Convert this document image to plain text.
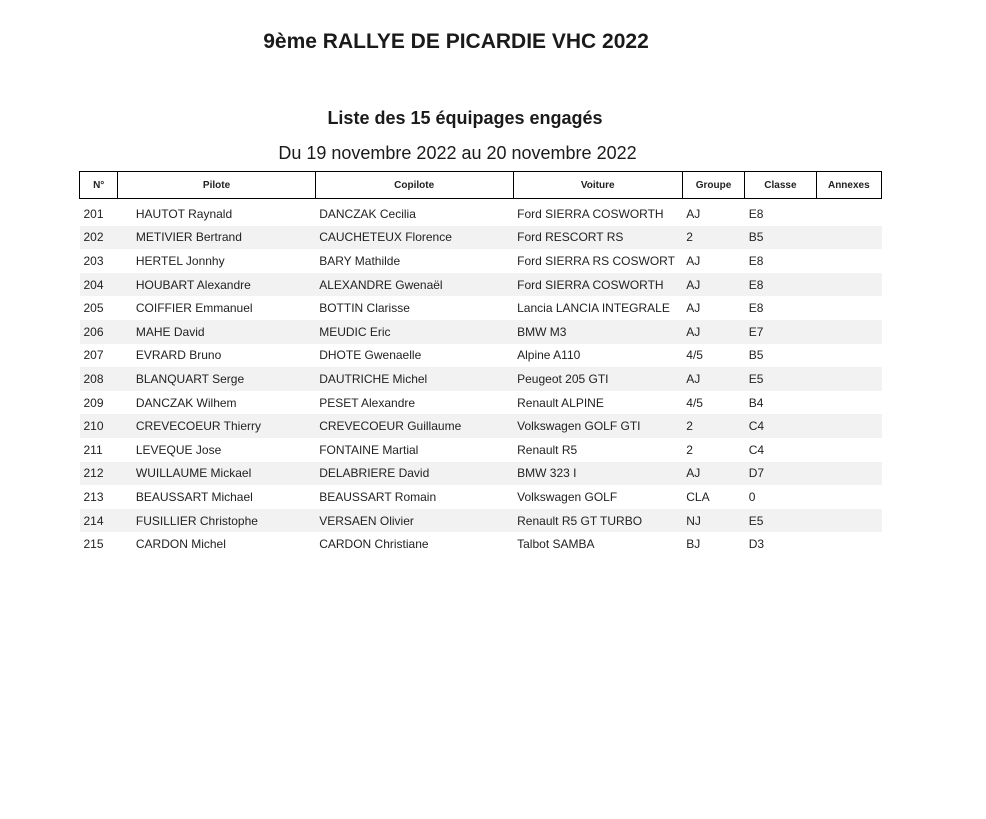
9ème RALLYE DE PICARDIE VHC 2022
Liste des 15 équipages engagés
Du 19 novembre 2022 au 20 novembre 2022
N°	Pilote	Copilote	Voiture	Groupe	Classe	Annexes
201	HAUTOT Raynald	DANCZAK Cecilia	Ford SIERRA COSWORTH	AJ	E8	
202	METIVIER Bertrand	CAUCHETEUX Florence	Ford RESCORT RS	2	B5	
203	HERTEL Jonnhy	BARY Mathilde	Ford SIERRA RS COSWORT	AJ	E8	
204	HOUBART Alexandre	ALEXANDRE Gwenaël	Ford SIERRA COSWORTH	AJ	E8	
205	COIFFIER Emmanuel	BOTTIN Clarisse	Lancia LANCIA INTEGRALE	AJ	E8	
206	MAHE David	MEUDIC Eric	BMW M3	AJ	E7	
207	EVRARD Bruno	DHOTE Gwenaelle	Alpine A110	4/5	B5	
208	BLANQUART Serge	DAUTRICHE Michel	Peugeot 205 GTI	AJ	E5	
209	DANCZAK Wilhem	PESET Alexandre	Renault ALPINE	4/5	B4	
210	CREVECOEUR Thierry	CREVECOEUR Guillaume	Volkswagen GOLF GTI	2	C4	
211	LEVEQUE Jose	FONTAINE Martial	Renault R5	2	C4	
212	WUILLAUME Mickael	DELABRIERE David	BMW 323 I	AJ	D7	
213	BEAUSSART Michael	BEAUSSART Romain	Volkswagen GOLF	CLA	0	
214	FUSILLIER Christophe	VERSAEN Olivier	Renault R5 GT TURBO	NJ	E5	
215	CARDON Michel	CARDON Christiane	Talbot SAMBA	BJ	D3	
